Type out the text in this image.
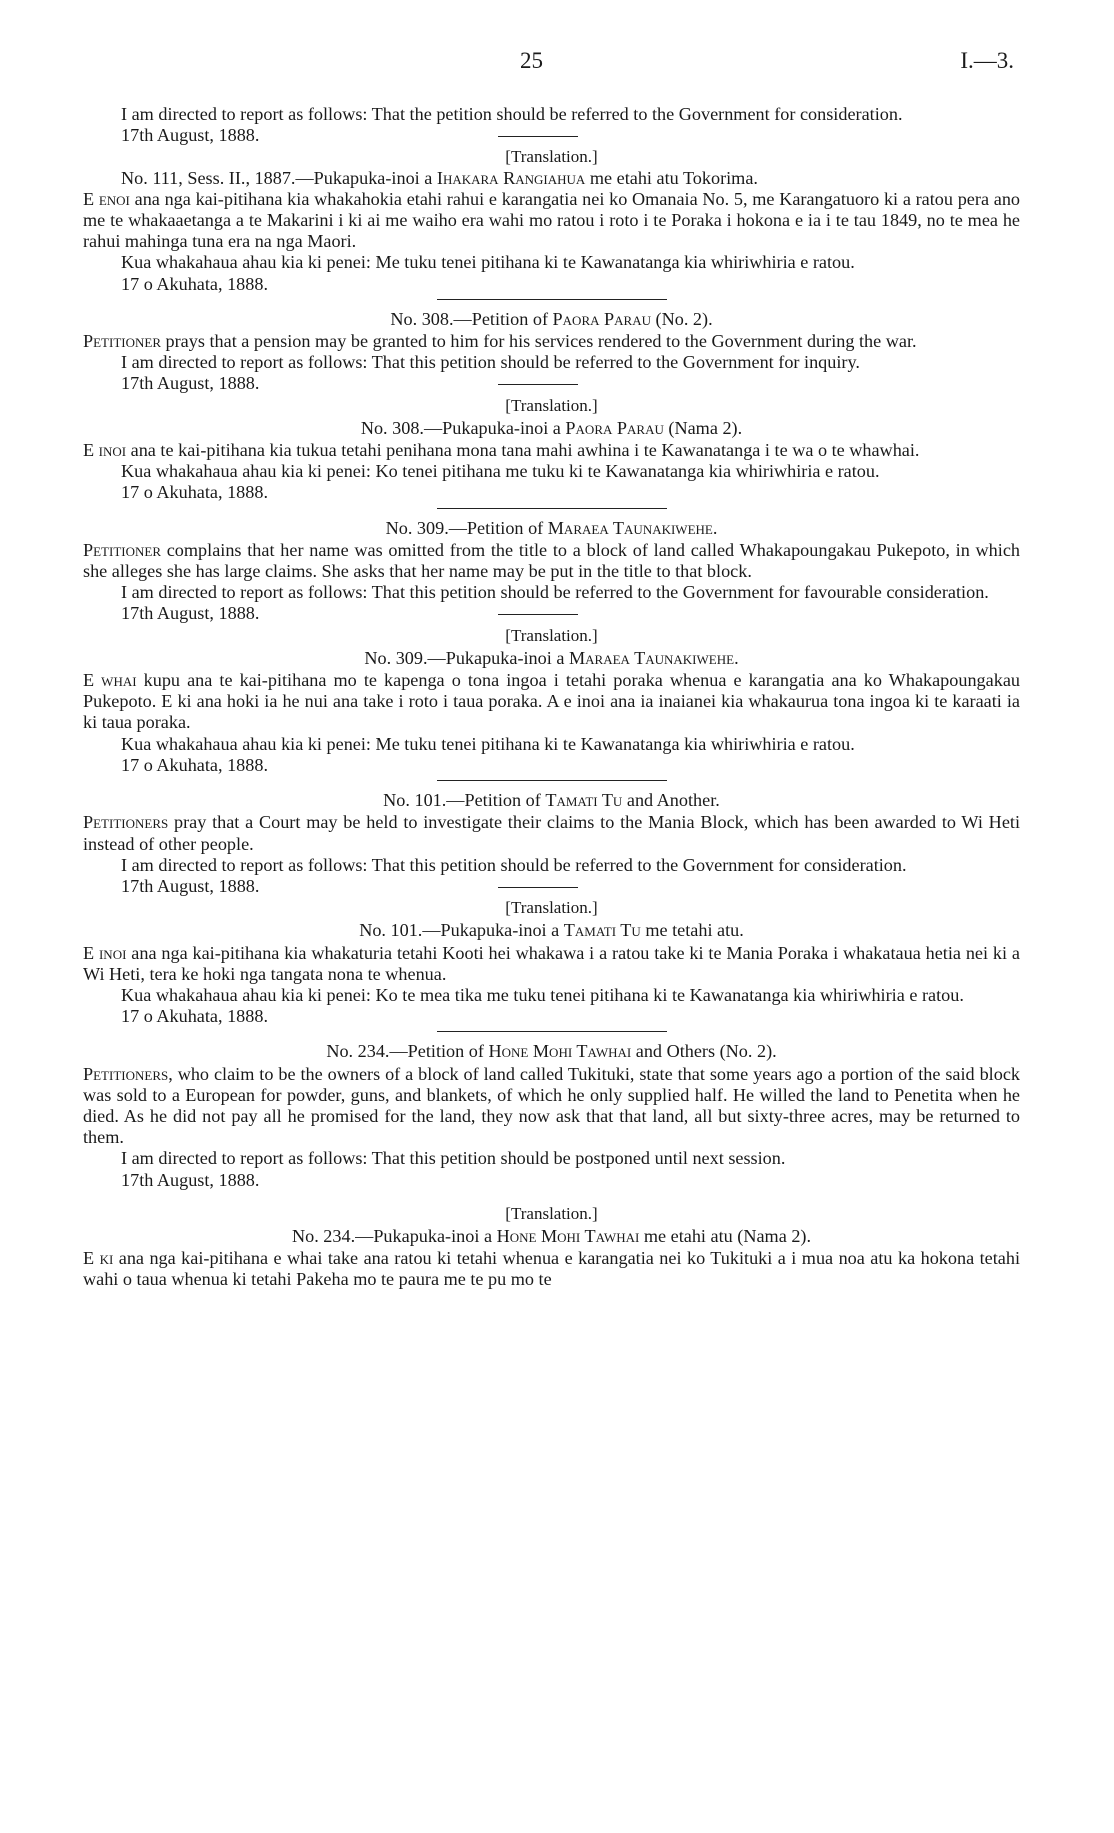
25	I.—3.

I am directed to report as follows: That the petition should be referred to the Government for consideration.

17th August, 1888.

[Translation.]

No. 111, Sess. II., 1887.—Pukapuka-inoi a Ihakara Rangiahua me etahi atu Tokorima.

E enoi ana nga kai-pitihana kia whakahokia etahi rahui e karangatia nei ko Omanaia No. 5, me Karangatuoro ki a ratou pera ano me te whakaaetanga a te Makarini i ki ai me waiho era wahi mo ratou i roto i te Poraka i hokona e ia i te tau 1849, no te mea he rahui mahinga tuna era na nga Maori.

Kua whakahaua ahau kia ki penei: Me tuku tenei pitihana ki te Kawanatanga kia whiriwhiria e ratou.

17 o Akuhata, 1888.

No. 308.—Petition of Paora Parau (No. 2).

Petitioner prays that a pension may be granted to him for his services rendered to the Government during the war.

I am directed to report as follows: That this petition should be referred to the Government for inquiry.

17th August, 1888.

[Translation.]

No. 308.—Pukapuka-inoi a Paora Parau (Nama 2).

E inoi ana te kai-pitihana kia tukua tetahi penihana mona tana mahi awhina i te Kawanatanga i te wa o te whawhai.

Kua whakahaua ahau kia ki penei: Ko tenei pitihana me tuku ki te Kawanatanga kia whiriwhiria e ratou.

17 o Akuhata, 1888.

No. 309.—Petition of Maraea Taunakiwehe.

Petitioner complains that her name was omitted from the title to a block of land called Whakapoungakau Pukepoto, in which she alleges she has large claims. She asks that her name may be put in the title to that block.

I am directed to report as follows: That this petition should be referred to the Government for favourable consideration.

17th August, 1888.

[Translation.]

No. 309.—Pukapuka-inoi a Maraea Taunakiwehe.

E whai kupu ana te kai-pitihana mo te kapenga o tona ingoa i tetahi poraka whenua e karangatia ana ko Whakapoungakau Pukepoto. E ki ana hoki ia he nui ana take i roto i taua poraka. A e inoi ana ia inaianei kia whakaurua tona ingoa ki te karaati ia ki taua poraka.

Kua whakahaua ahau kia ki penei: Me tuku tenei pitihana ki te Kawanatanga kia whiriwhiria e ratou.

17 o Akuhata, 1888.

No. 101.—Petition of Tamati Tu and Another.

Petitioners pray that a Court may be held to investigate their claims to the Mania Block, which has been awarded to Wi Heti instead of other people.

I am directed to report as follows: That this petition should be referred to the Government for consideration.

17th August, 1888.

[Translation.]

No. 101.—Pukapuka-inoi a Tamati Tu me tetahi atu.

E inoi ana nga kai-pitihana kia whakaturia tetahi Kooti hei whakawa i a ratou take ki te Mania Poraka i whakataua hetia nei ki a Wi Heti, tera ke hoki nga tangata nona te whenua.

Kua whakahaua ahau kia ki penei: Ko te mea tika me tuku tenei pitihana ki te Kawanatanga kia whiriwhiria e ratou.

17 o Akuhata, 1888.

No. 234.—Petition of Hone Mohi Tawhai and Others (No. 2).

Petitioners, who claim to be the owners of a block of land called Tukituki, state that some years ago a portion of the said block was sold to a European for powder, guns, and blankets, of which he only supplied half. He willed the land to Penetita when he died. As he did not pay all he promised for the land, they now ask that that land, all but sixty-three acres, may be returned to them.

I am directed to report as follows: That this petition should be postponed until next session.

17th August, 1888.

[Translation.]

No. 234.—Pukapuka-inoi a Hone Mohi Tawhai me etahi atu (Nama 2).

E ki ana nga kai-pitihana e whai take ana ratou ki tetahi whenua e karangatia nei ko Tukituki a i mua noa atu ka hokona tetahi wahi o taua whenua ki tetahi Pakeha mo te paura me te pu mo te
